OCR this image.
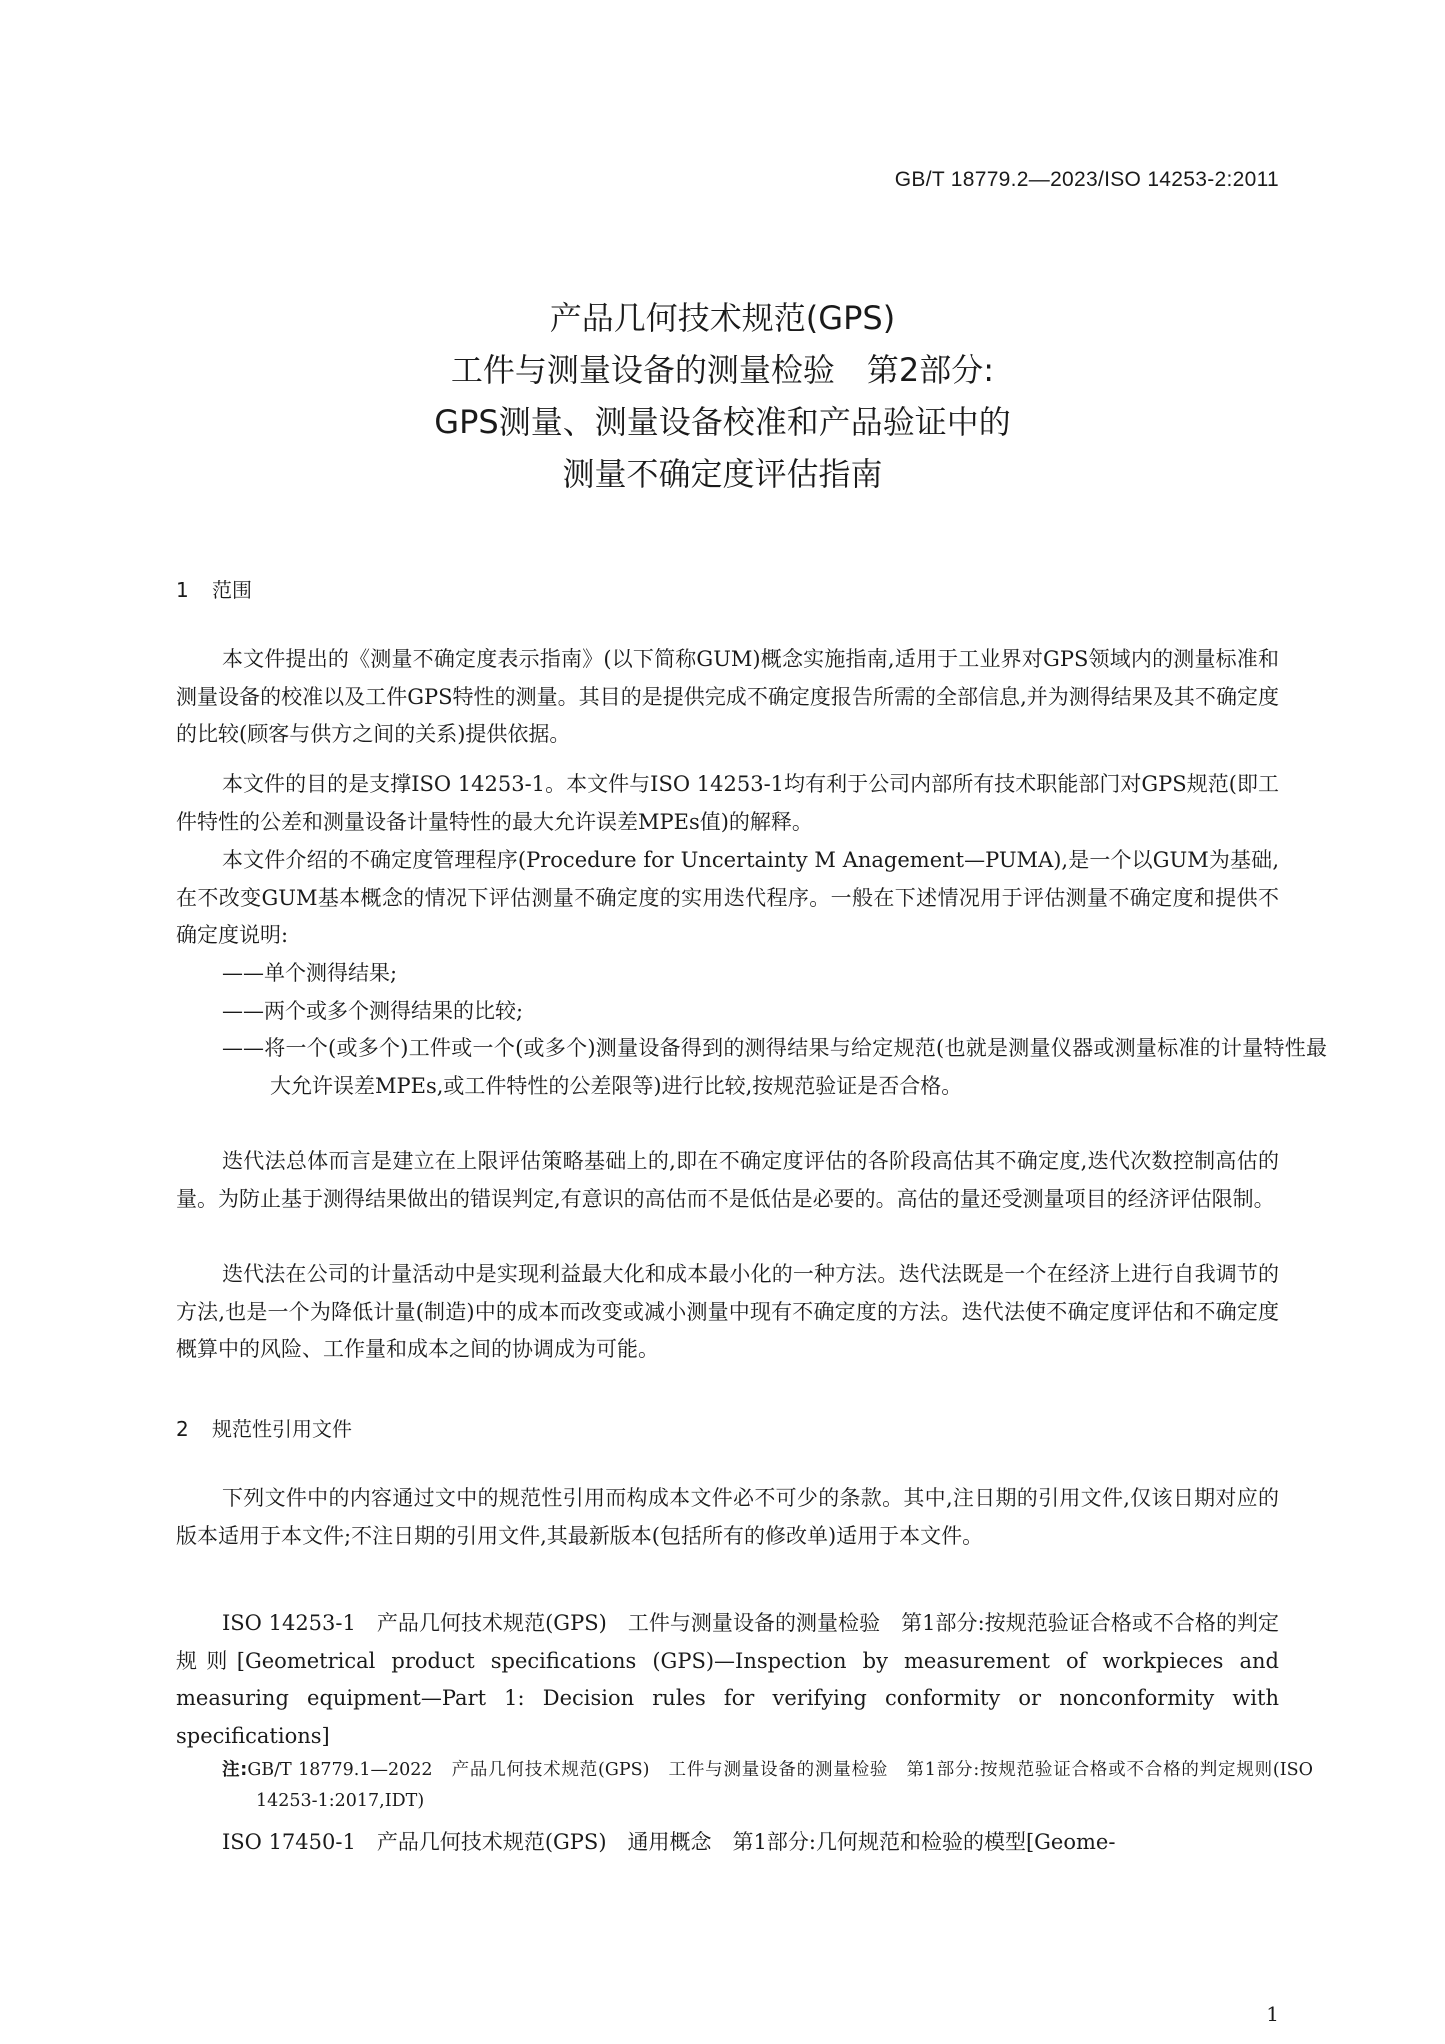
GB/T 18779.2—2023/ISO 14253-2:2011
产品几何技术规范(GPS)
工件与测量设备的测量检验　第2部分:
GPS测量、测量设备校准和产品验证中的
测量不确定度评估指南
1 范围

本文件提出的《测量不确定度表示指南》(以下简称GUM)概念实施指南,适用于工业界对GPS领域内的测量标准和测量设备的校准以及工件GPS特性的测量。其目的是提供完成不确定度报告所需的全部信息,并为测得结果及其不确定度的比较(顾客与供方之间的关系)提供依据。

本文件的目的是支撑ISO 14253-1。本文件与ISO 14253-1均有利于公司内部所有技术职能部门对GPS规范(即工件特性的公差和测量设备计量特性的最大允许误差MPEs值)的解释。

本文件介绍的不确定度管理程序(Procedure for Uncertainty M Anagement—PUMA),是一个以GUM为基础,在不改变GUM基本概念的情况下评估测量不确定度的实用迭代程序。一般在下述情况用于评估测量不确定度和提供不确定度说明:

——单个测得结果;

——两个或多个测得结果的比较;

——将一个(或多个)工件或一个(或多个)测量设备得到的测得结果与给定规范(也就是测量仪器或测量标准的计量特性最大允许误差MPEs,或工件特性的公差限等)进行比较,按规范验证是否合格。

迭代法总体而言是建立在上限评估策略基础上的,即在不确定度评估的各阶段高估其不确定度,迭代次数控制高估的量。为防止基于测得结果做出的错误判定,有意识的高估而不是低估是必要的。高估的量还受测量项目的经济评估限制。

迭代法在公司的计量活动中是实现利益最大化和成本最小化的一种方法。迭代法既是一个在经济上进行自我调节的方法,也是一个为降低计量(制造)中的成本而改变或减小测量中现有不确定度的方法。迭代法使不确定度评估和不确定度概算中的风险、工作量和成本之间的协调成为可能。

2 规范性引用文件

下列文件中的内容通过文中的规范性引用而构成本文件必不可少的条款。其中,注日期的引用文件,仅该日期对应的版本适用于本文件;不注日期的引用文件,其最新版本(包括所有的修改单)适用于本文件。

ISO 14253-1　产品几何技术规范(GPS)　工件与测量设备的测量检验　第1部分:按规范验证合格或不合格的判定规则[Geometrical product specifications (GPS)—Inspection by measurement of workpieces and measuring equipment—Part 1: Decision rules for verifying conformity or nonconformity with specifications]

注:GB/T 18779.1—2022　产品几何技术规范(GPS)　工件与测量设备的测量检验　第1部分:按规范验证合格或不合格的判定规则(ISO 14253-1:2017,IDT)

ISO 17450-1　产品几何技术规范(GPS)　通用概念　第1部分:几何规范和检验的模型[Geome-

1
